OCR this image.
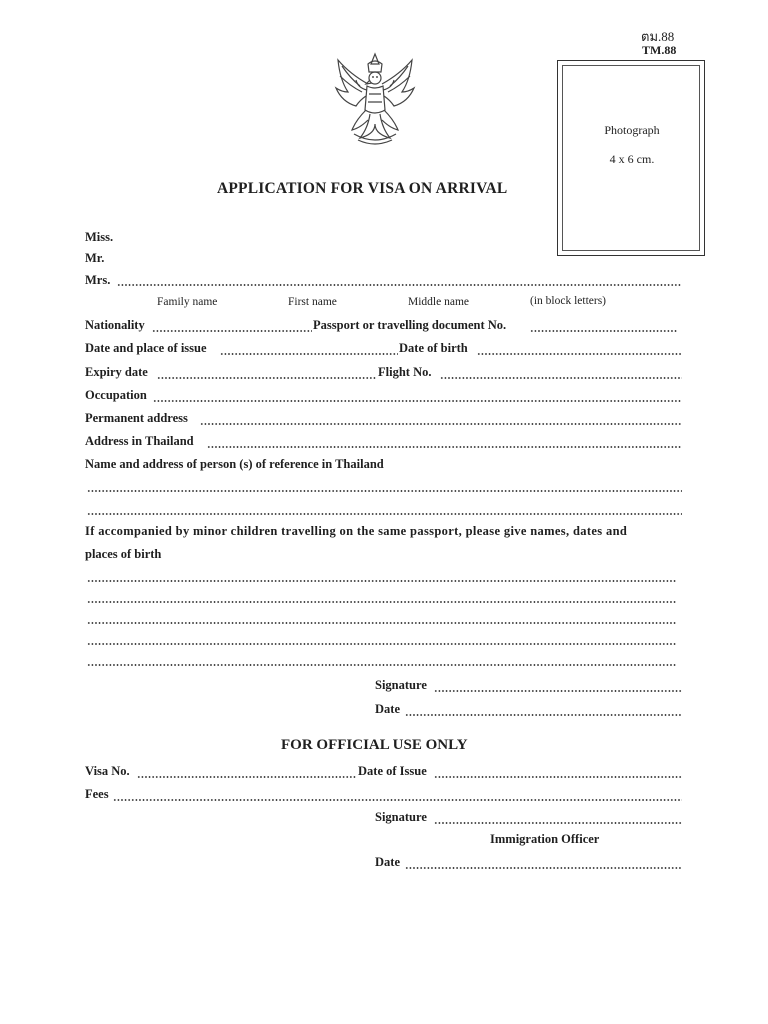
ตม.88
TM.88
Photograph
4 x 6 cm.
APPLICATION FOR VISA ON ARRIVAL
Miss.
Mr.
Mrs.
Family name	First name	Middle name	(in block letters)
Nationality	Passport or travelling document No.
Date and place of issue	Date of birth
Expiry date	Flight No.
Occupation
Permanent address
Address in Thailand
Name and address of person (s) of reference in Thailand
If accompanied by minor children travelling on the same passport, please give names, dates and
places of birth
Signature
Date
FOR OFFICIAL USE ONLY
Visa No.	Date of Issue
Fees
Signature
Immigration Officer
Date
